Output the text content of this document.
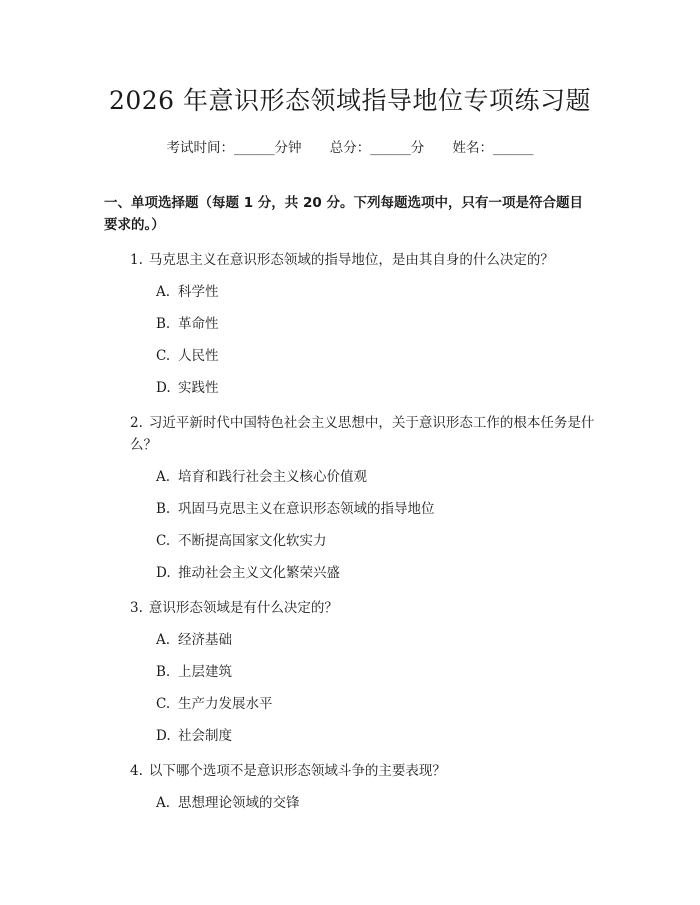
2026 年意识形态领域指导地位专项练习题
考试时间：______分钟 总分：______分 姓名：______
一、单项选择题（每题 1 分，共 20 分。下列每题选项中，只有一项是符合题目要求的。）
1. 马克思主义在意识形态领域的指导地位，是由其自身的什么决定的？
A. 科学性
B. 革命性
C. 人民性
D. 实践性
2. 习近平新时代中国特色社会主义思想中，关于意识形态工作的根本任务是什么？
A. 培育和践行社会主义核心价值观
B. 巩固马克思主义在意识形态领域的指导地位
C. 不断提高国家文化软实力
D. 推动社会主义文化繁荣兴盛
3. 意识形态领域是有什么决定的？
A. 经济基础
B. 上层建筑
C. 生产力发展水平
D. 社会制度
4. 以下哪个选项不是意识形态领域斗争的主要表现？
A. 思想理论领域的交锋
